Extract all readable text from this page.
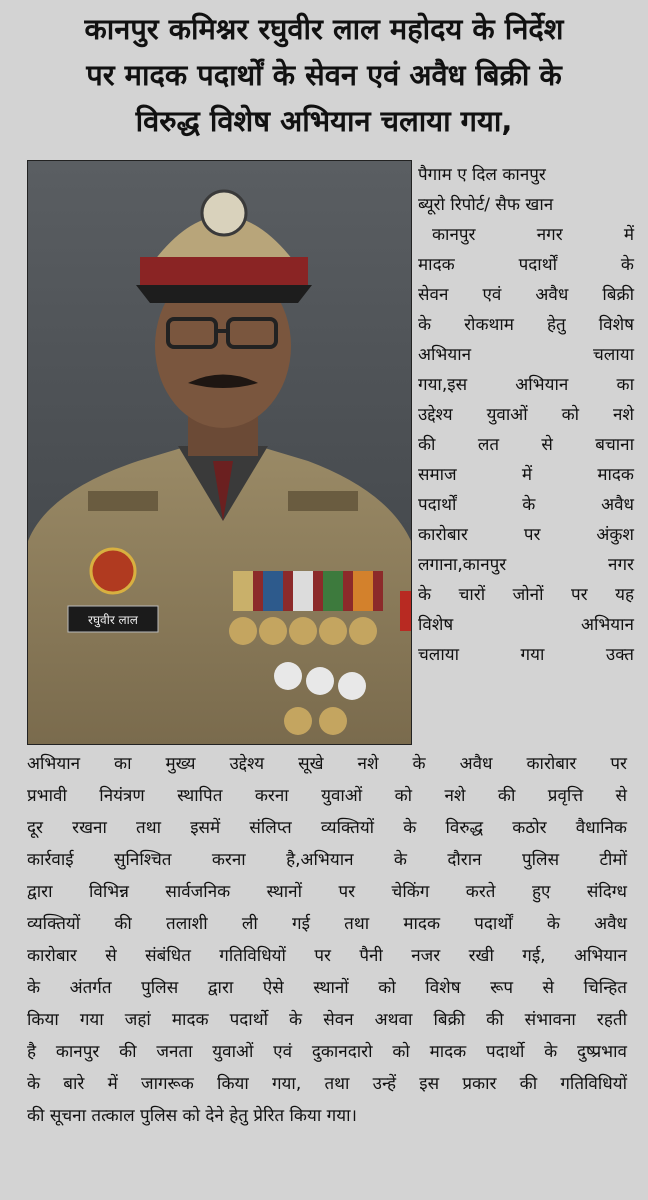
कानपुर कमिश्नर रघुवीर लाल महोदय के निर्देश
पर मादक पदार्थों के सेवन एवं अवैध बिक्री के
विरुद्ध विशेष अभियान चलाया गया,
रघुवीर लाल
पैगाम ए दिल कानपुर
ब्यूरो रिपोर्ट/ सैफ खान
कानपुर नगर में
मादक पदार्थों के
सेवन एवं अवैध बिक्री
के रोकथाम हेतु विशेष
अभियान चलाया
गया,इस अभियान का
उद्देश्य युवाओं को नशे
की लत से बचाना
समाज में मादक
पदार्थों के अवैध
कारोबार पर अंकुश
लगाना,कानपुर नगर
के चारों जोनों पर यह
विशेष अभियान
चलाया गया उक्त
अभियान का मुख्य उद्देश्य सूखे नशे के अवैध कारोबार पर
प्रभावी नियंत्रण स्थापित करना युवाओं को नशे की प्रवृत्ति से
दूर रखना तथा इसमें संलिप्त व्यक्तियों के विरुद्ध कठोर वैधानिक
कार्रवाई सुनिश्चित करना है,अभियान के दौरान पुलिस टीमों
द्वारा विभिन्न सार्वजनिक स्थानों पर चेकिंग करते हुए संदिग्ध
व्यक्तियों की तलाशी ली गई तथा मादक पदार्थों के अवैध
कारोबार से संबंधित गतिविधियों पर पैनी नजर रखी गई, अभियान
के अंतर्गत पुलिस द्वारा ऐसे स्थानों को विशेष रूप से चिन्हित
किया गया जहां मादक पदार्थो के सेवन अथवा बिक्री की संभावना रहती
है कानपुर की जनता युवाओं एवं दुकानदारो को मादक पदार्थो के दुष्प्रभाव
के बारे में जागरूक किया गया, तथा उन्हें इस प्रकार की गतिविधियों
की सूचना तत्काल पुलिस को देने हेतु प्रेरित किया गया।
